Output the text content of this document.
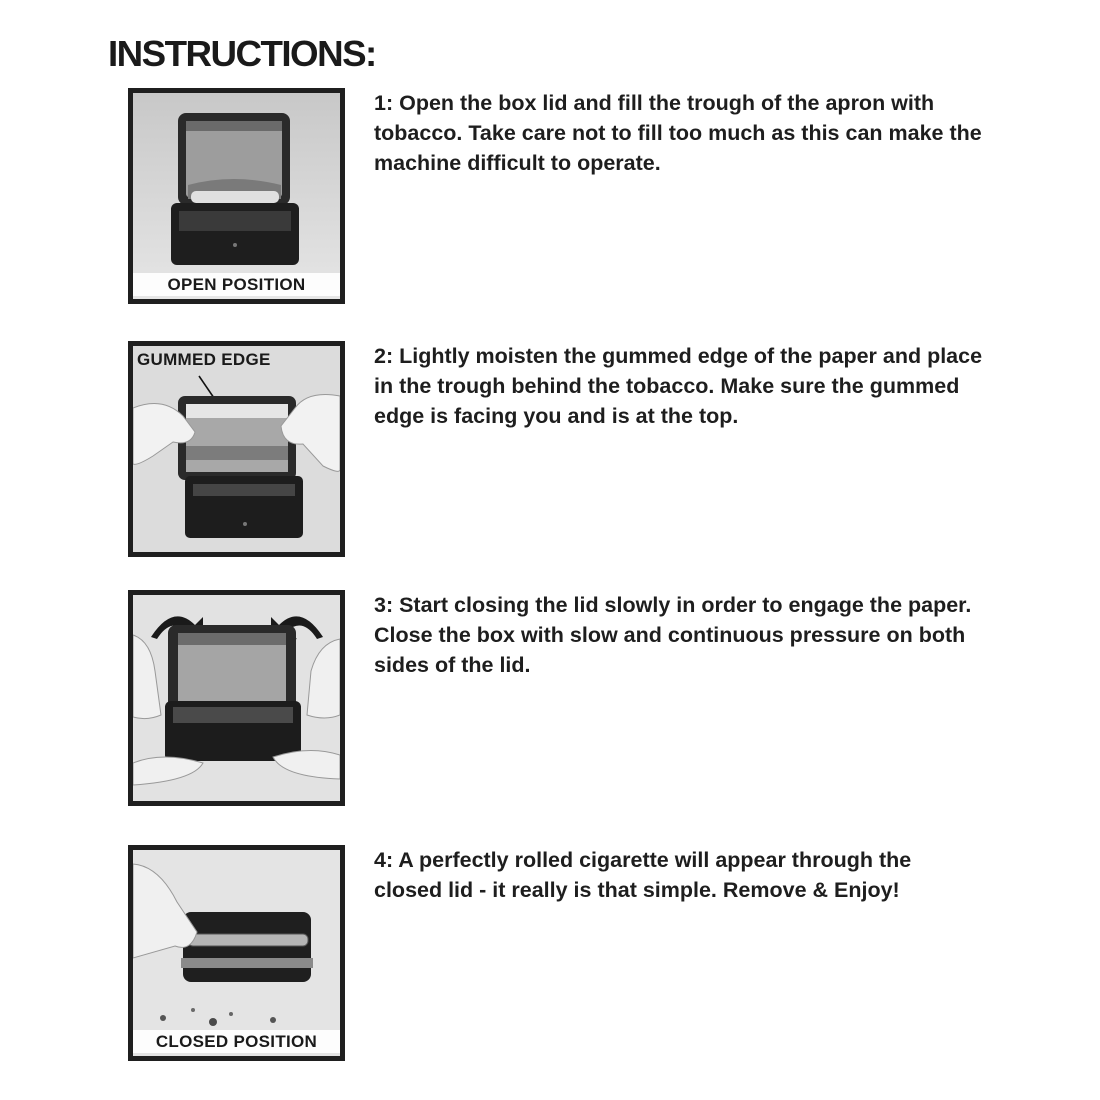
INSTRUCTIONS:
OPEN POSITION

1: Open the box lid and fill the trough of the apron with tobacco. Take care not to fill too much as this can make the machine difficult to operate.

GUMMED EDGE	2: Lightly moisten the gummed edge of the paper and place in the trough behind the tobacco. Make sure the gummed edge is facing you and is at the top.

3: Start closing the lid slowly in order to engage the paper. Close the box with slow and continuous pressure on both sides of the lid.

CLOSED POSITION

4: A perfectly rolled cigarette will appear through the closed lid - it really is that simple. Remove & Enjoy!
